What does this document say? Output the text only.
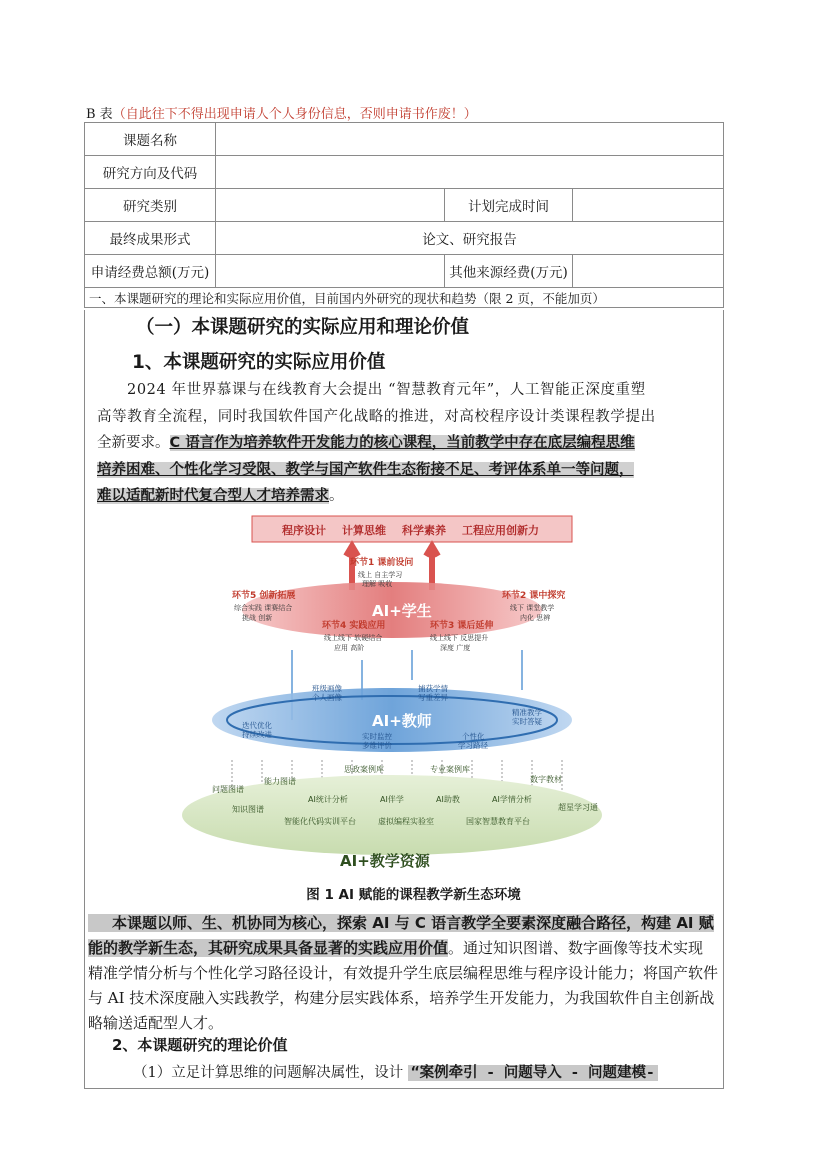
B 表（自此往下不得出现申请人个人身份信息，否则申请书作废！）
课题名称			
研究方向及代码			
研究类别		计划完成时间	
最终成果形式	论文、研究报告		
申请经费总额(万元)		其他来源经费(万元)	
一、本课题研究的理论和实际应用价值，目前国内外研究的现状和趋势（限 2 页，不能加页）			
（一）本课题研究的实际应用和理论价值
1、本课题研究的实际应用价值
2024 年世界慕课与在线教育大会提出 “智慧教育元年”，人工智能正深度重塑
高等教育全流程，同时我国软件国产化战略的推进，对高校程序设计类课程教学提出
全新要求。C 语言作为培养软件开发能力的核心课程，当前教学中存在底层编程思维
培养困难、个性化学习受限、教学与国产软件生态衔接不足、考评体系单一等问题，
难以适配新时代复合型人才培养需求。
程序设计 计算思维 科学素养 工程应用创新力
AI+学生
环节1 课前设问
线上 自主学习
理解 吸收
环节2 课中探究
线下 课堂教学
内化 思辨
环节3 课后延伸
线上线下 反思提升
深度 广度
环节4 实践应用
线上线下 软硬结合
应用 高阶
环节5 创新拓展
综合实践 课赛结合
挑战 创新
AI+教师
班级画像
个人画像
捕获学情
写重差异
精准教学
实时答疑
迭代优化
持续改进	实时监控
多维评价
个性化
学习路径
问题图谱
能力图谱
知识图谱
思政案例库	专业案例库
数字教材
AI统计分析	AI伴学	AI助教	AI学情分析
超星学习通
智能化代码实训平台	虚拟编程实验室	国家智慧教育平台
AI+教学资源
图 1 AI 赋能的课程教学新生态环境
本课题以师、生、机协同为核心，探索 AI 与 C 语言教学全要素深度融合路径，构建 AI 赋能的教学新生态，其研究成果具备显著的实践应用价值。通过知识图谱、数字画像等技术实现精准学情分析与个性化学习路径设计，有效提升学生底层编程思维与程序设计能力；将国产软件与 AI 技术深度融入实践教学，构建分层实践体系，培养学生开发能力，为我国软件自主创新战略输送适配型人才。
2、本课题研究的理论价值
（1）立足计算思维的问题解决属性，设计 “案例牵引 - 问题导入 - 问题建模-
